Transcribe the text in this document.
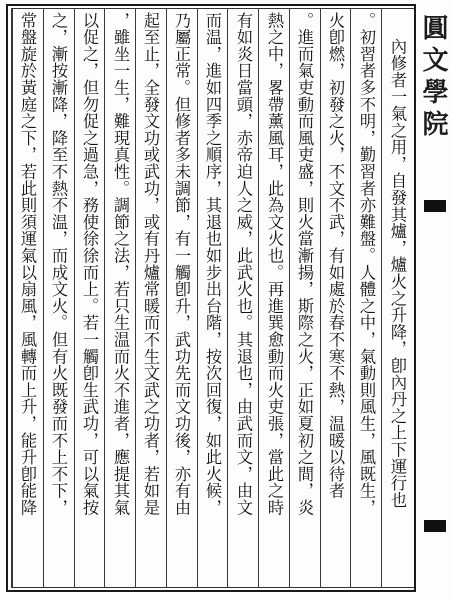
圓文學院
內修者一氣之用，自發其爐，爐火之升降，卽內丹之上下運行也
。初習者多不明，勤習者亦難盤。人體之中，氣動則風生，風既生，
火卽燃，初發之火，不文不武，有如處於春不寒不熱，温暖以待者
。進而氣吏動而風吏盛，則火當漸揚，斯際之火，正如夏初之間，炎
熱之中，畧帶薰風耳，此為文火也。再進巽愈動而火吏張，當此之時
有如炎日當頭，赤帝迫人之威，此武火也。其退也，由武而文，由文
而温，進如四季之順序，其退也如步出台階，按次回復，如此火候，
乃屬正常。但修者多未調節，有一觸卽升，武功先而文功後，亦有由
起至止，全發文功或武功，或有丹爐常暖而不生文武之功者，若如是
，雖坐一生，難現真性。調節之法，若只生温而火不進者，應提其氣
以促之，但勿促之過急，務使徐徐而上。若一觸卽生武功，可以氣按
之，漸按漸降，降至不熱不温，而成文火。但有火既發而不上不下，
常盤旋於黃庭之下，若此則須運氣以扇風，風轉而上升，能升卽能降
